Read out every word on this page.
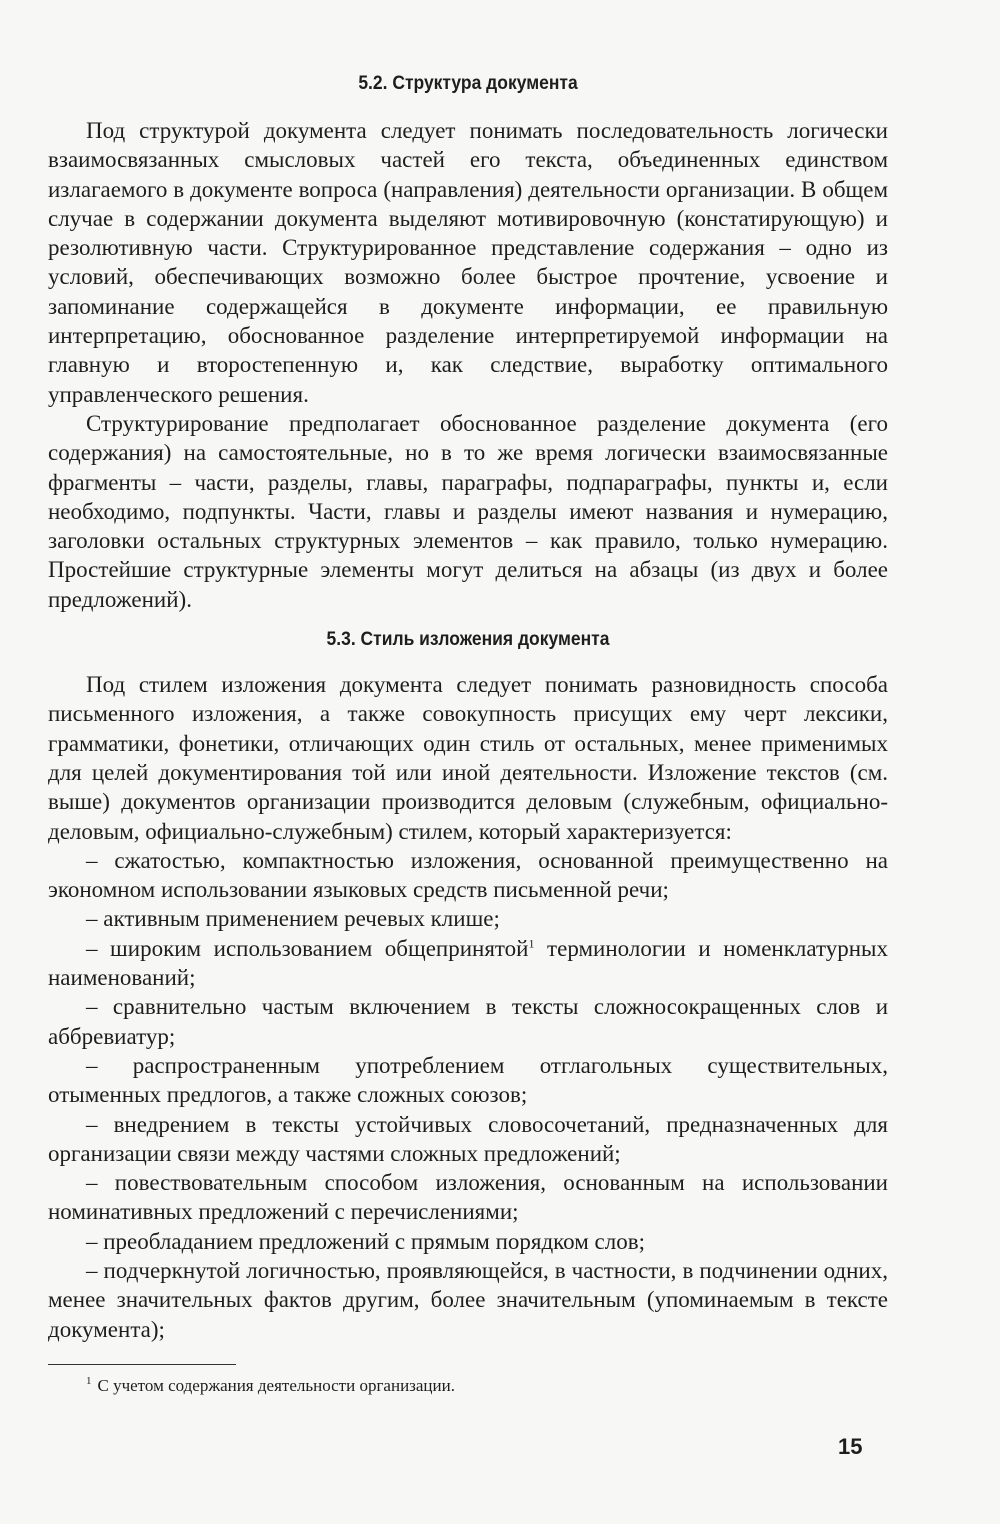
5.2. Структура документа

Под структурой документа следует понимать последовательность логически взаимосвязанных смысловых частей его текста, объединенных единством излагаемого в документе вопроса (направления) деятельности организации. В общем случае в содержании документа выделяют мотивировочную (констатирующую) и резолютивную части. Структурированное представление содержания – одно из условий, обеспечивающих возможно более быстрое прочтение, усвоение и запоминание содержащейся в документе информации, ее правильную интерпретацию, обоснованное разделение интерпретируемой информации на главную и второстепенную и, как следствие, выработку оптимального управленческого решения.

Структурирование предполагает обоснованное разделение документа (его содержания) на самостоятельные, но в то же время логически взаимосвязанные фрагменты – части, разделы, главы, параграфы, подпараграфы, пункты и, если необходимо, подпункты. Части, главы и разделы имеют названия и нумерацию, заголовки остальных структурных элементов – как правило, только нумерацию. Простейшие структурные элементы могут делиться на абзацы (из двух и более предложений).

5.3. Стиль изложения документа

Под стилем изложения документа следует понимать разновидность способа письменного изложения, а также совокупность присущих ему черт лексики, грамматики, фонетики, отличающих один стиль от остальных, менее применимых для целей документирования той или иной деятельности. Изложение текстов (см. выше) документов организации производится деловым (служебным, официально-деловым, официально-служебным) стилем, который характеризуется:

– сжатостью, компактностью изложения, основанной преимущественно на экономном использовании языковых средств письменной речи;

– активным применением речевых клише;

– широким использованием общепринятой$^1$ терминологии и номенклатурных наименований;

– сравнительно частым включением в тексты сложносокращенных слов и аббревиатур;

– распространенным употреблением отглагольных существительных, отыменных предлогов, а также сложных союзов;

– внедрением в тексты устойчивых словосочетаний, предназначенных для организации связи между частями сложных предложений;

– повествовательным способом изложения, основанным на использовании номинативных предложений с перечислениями;

– преобладанием предложений с прямым порядком слов;

– подчеркнутой логичностью, проявляющейся, в частности, в подчинении одних, менее значительных фактов другим, более значительным (упоминаемым в тексте документа);

$^1$ С учетом содержания деятельности организации.
15
